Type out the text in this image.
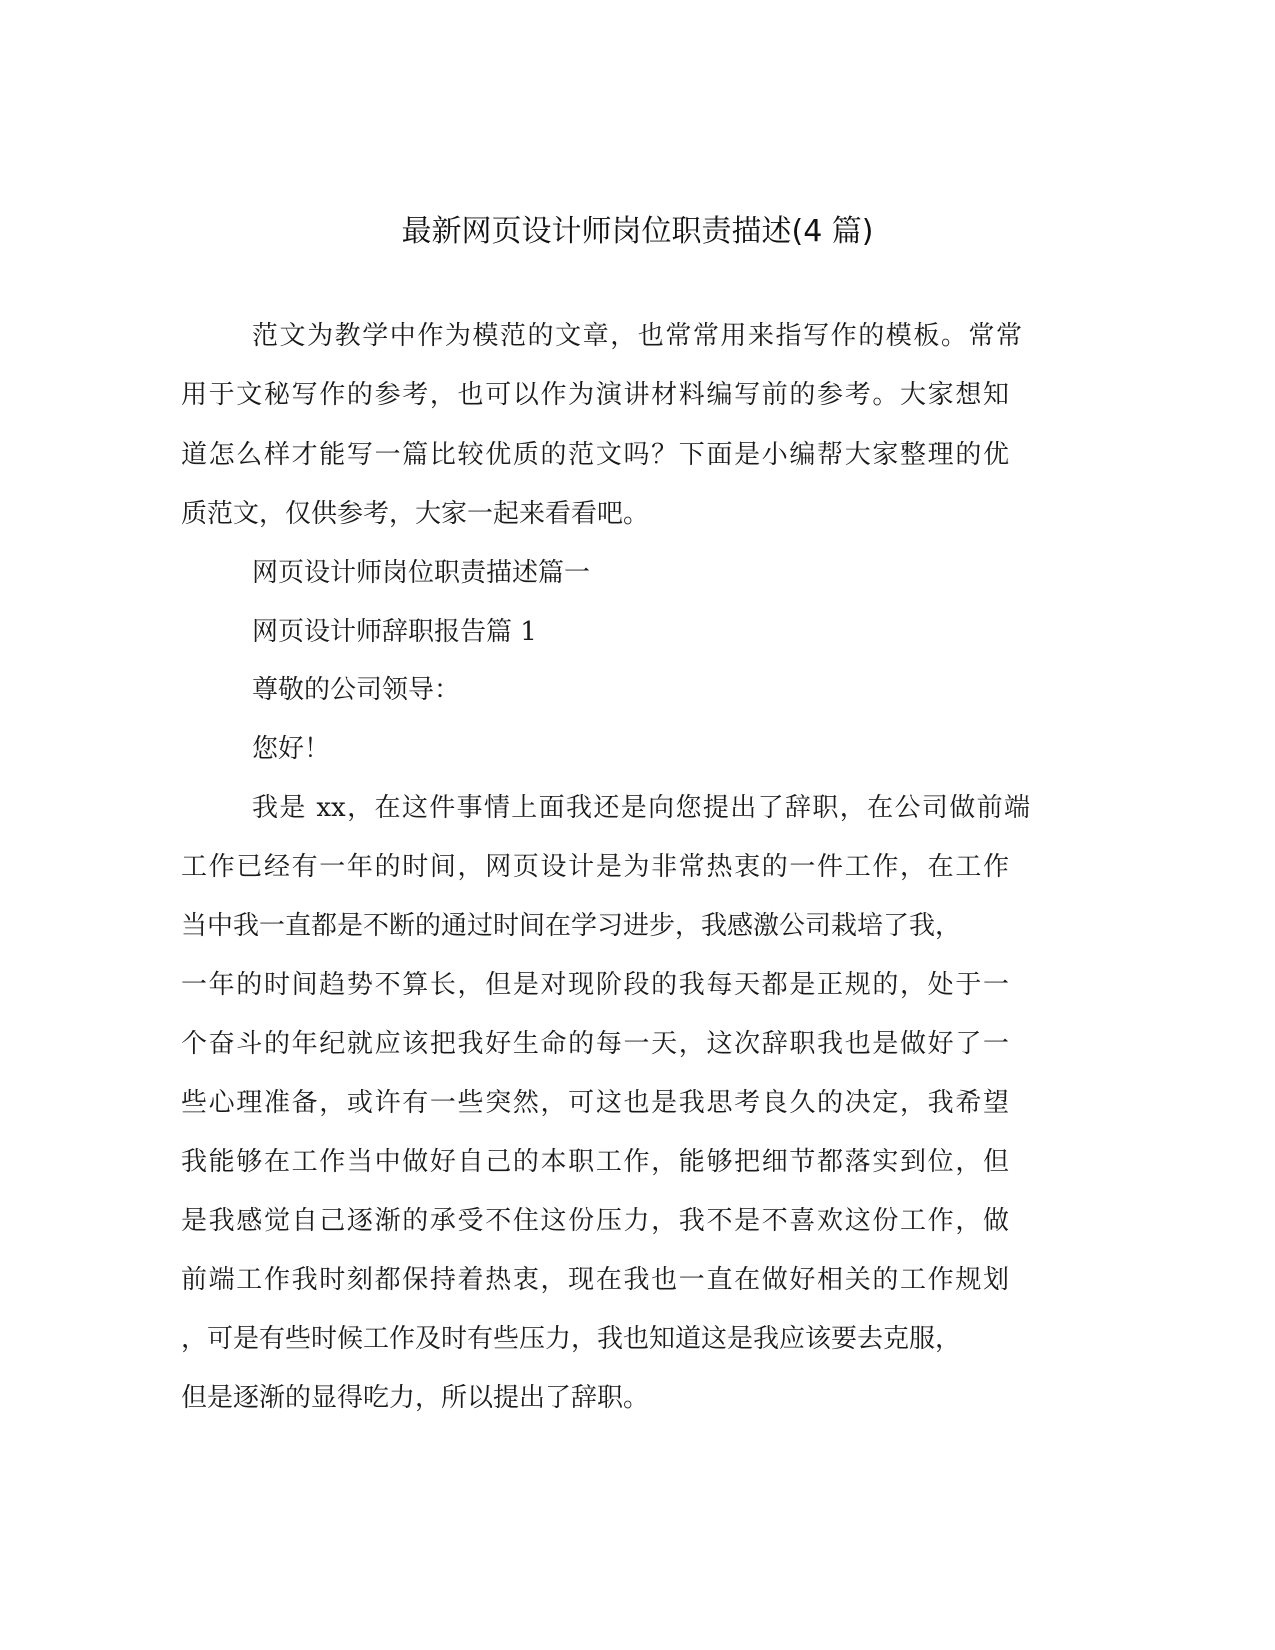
最新网页设计师岗位职责描述(4 篇)
范文为教学中作为模范的文章，也常常用来指写作的模板。常常
用于文秘写作的参考，也可以作为演讲材料编写前的参考。大家想知
道怎么样才能写一篇比较优质的范文吗？下面是小编帮大家整理的优
质范文，仅供参考，大家一起来看看吧。
网页设计师岗位职责描述篇一
网页设计师辞职报告篇 1
尊敬的公司领导：
您好！
我是 xx，在这件事情上面我还是向您提出了辞职，在公司做前端
工作已经有一年的时间，网页设计是为非常热衷的一件工作，在工作
当中我一直都是不断的通过时间在学习进步，我感激公司栽培了我，
一年的时间趋势不算长，但是对现阶段的我每天都是正规的，处于一
个奋斗的年纪就应该把我好生命的每一天，这次辞职我也是做好了一
些心理准备，或许有一些突然，可这也是我思考良久的决定，我希望
我能够在工作当中做好自己的本职工作，能够把细节都落实到位，但
是我感觉自己逐渐的承受不住这份压力，我不是不喜欢这份工作，做
前端工作我时刻都保持着热衷，现在我也一直在做好相关的工作规划
，可是有些时候工作及时有些压力，我也知道这是我应该要去克服，
但是逐渐的显得吃力，所以提出了辞职。
